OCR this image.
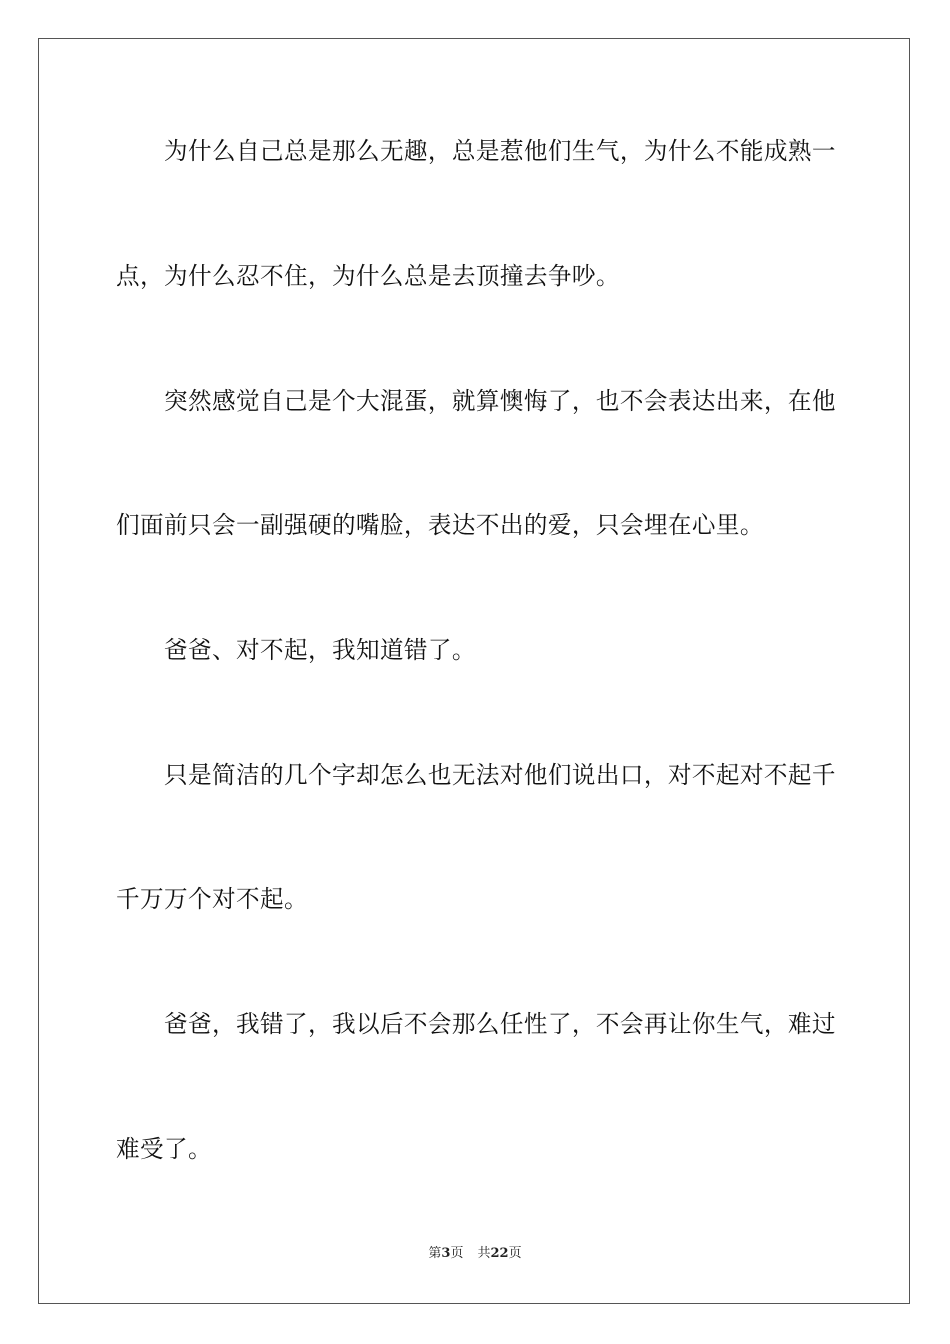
为什么自己总是那么无趣，总是惹他们生气，为什么不能成熟一
点，为什么忍不住，为什么总是去顶撞去争吵。
突然感觉自己是个大混蛋，就算懊悔了，也不会表达出来，在他
们面前只会一副强硬的嘴脸，表达不出的爱，只会埋在心里。
爸爸、对不起，我知道错了。
只是简洁的几个字却怎么也无法对他们说出口，对不起对不起千
千万万个对不起。
爸爸，我错了，我以后不会那么任性了，不会再让你生气，难过
难受了。
第3页 共22页
